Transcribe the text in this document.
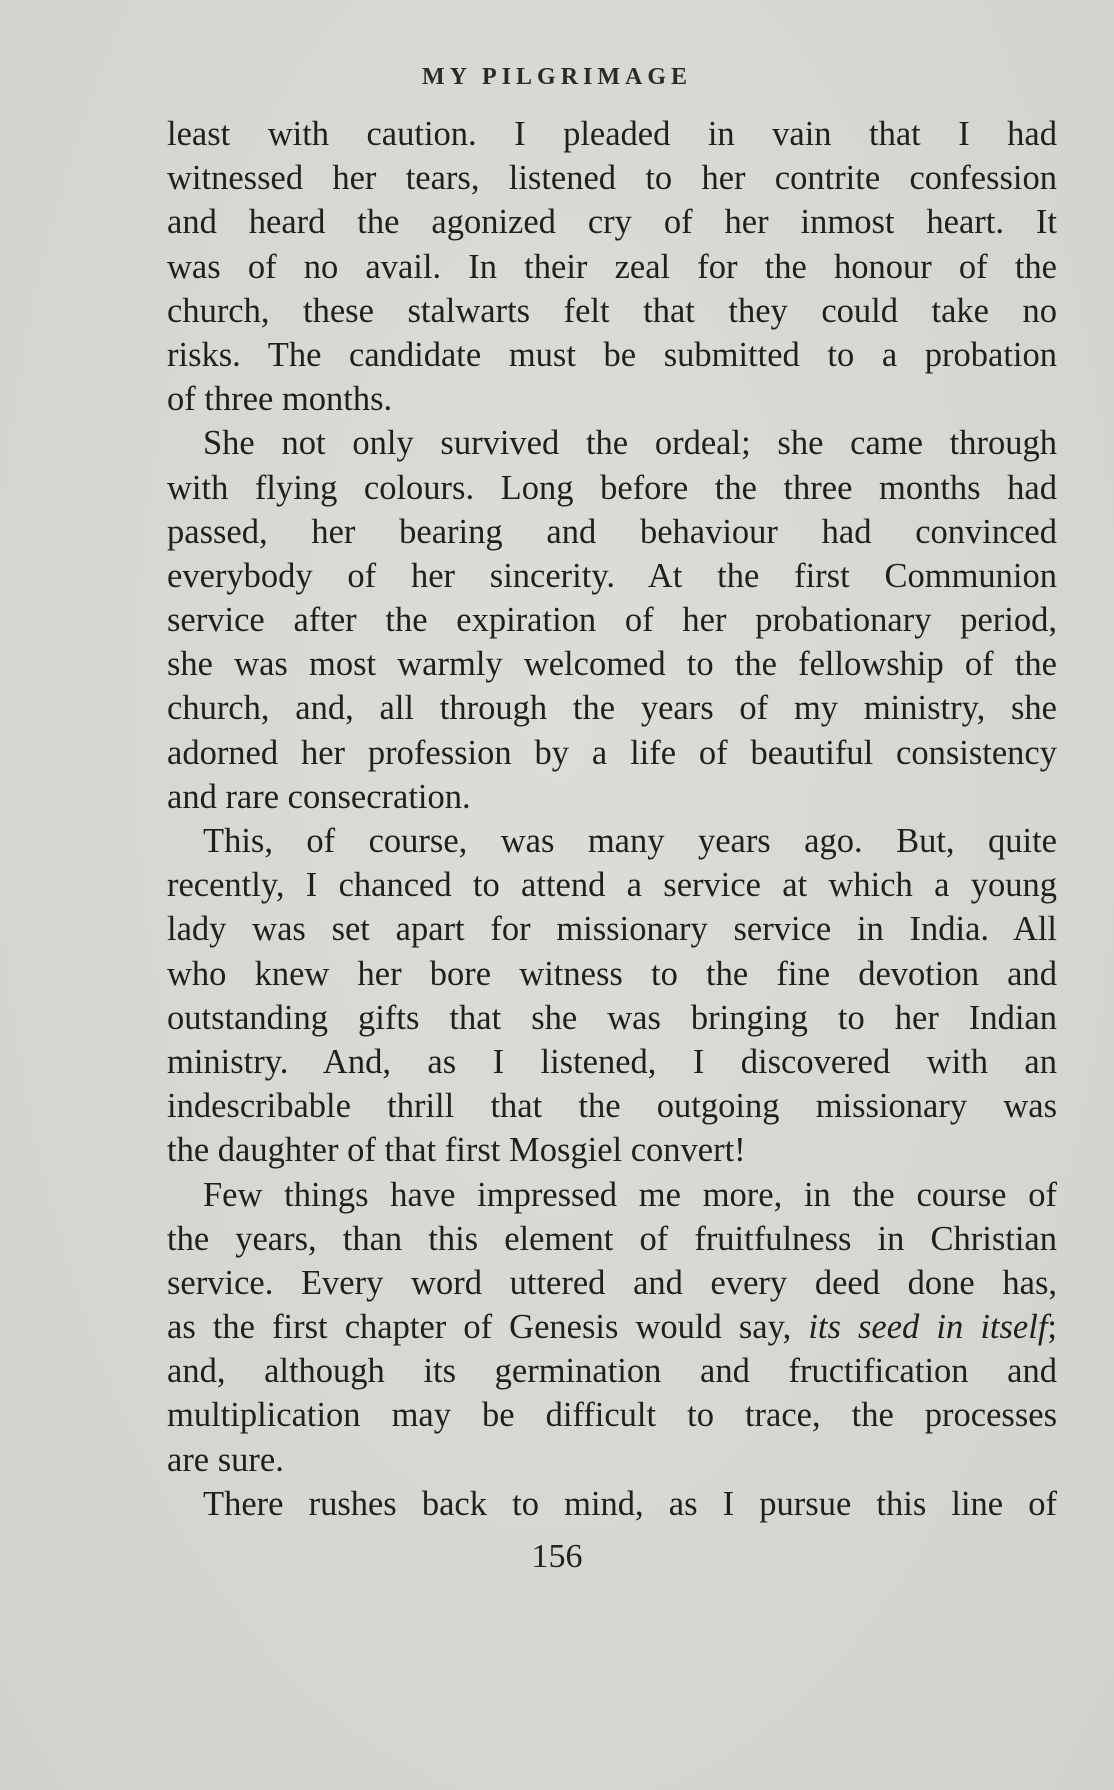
MY PILGRIMAGE
least with caution. I pleaded in vain that I had
witnessed her tears, listened to her contrite confession
and heard the agonized cry of her inmost heart. It
was of no avail. In their zeal for the honour of the
church, these stalwarts felt that they could take no
risks. The candidate must be submitted to a probation
of three months.
She not only survived the ordeal; she came through
with flying colours. Long before the three months had
passed, her bearing and behaviour had convinced
everybody of her sincerity. At the first Communion
service after the expiration of her probationary period,
she was most warmly welcomed to the fellowship of the
church, and, all through the years of my ministry, she
adorned her profession by a life of beautiful consistency
and rare consecration.
This, of course, was many years ago. But, quite
recently, I chanced to attend a service at which a young
lady was set apart for missionary service in India. All
who knew her bore witness to the fine devotion and
outstanding gifts that she was bringing to her Indian
ministry. And, as I listened, I discovered with an
indescribable thrill that the outgoing missionary was
the daughter of that first Mosgiel convert!
Few things have impressed me more, in the course of
the years, than this element of fruitfulness in Christian
service. Every word uttered and every deed done has,
as the first chapter of Genesis would say, its seed in itself;
and, although its germination and fructification and
multiplication may be difficult to trace, the processes
are sure.
There rushes back to mind, as I pursue this line of
156
